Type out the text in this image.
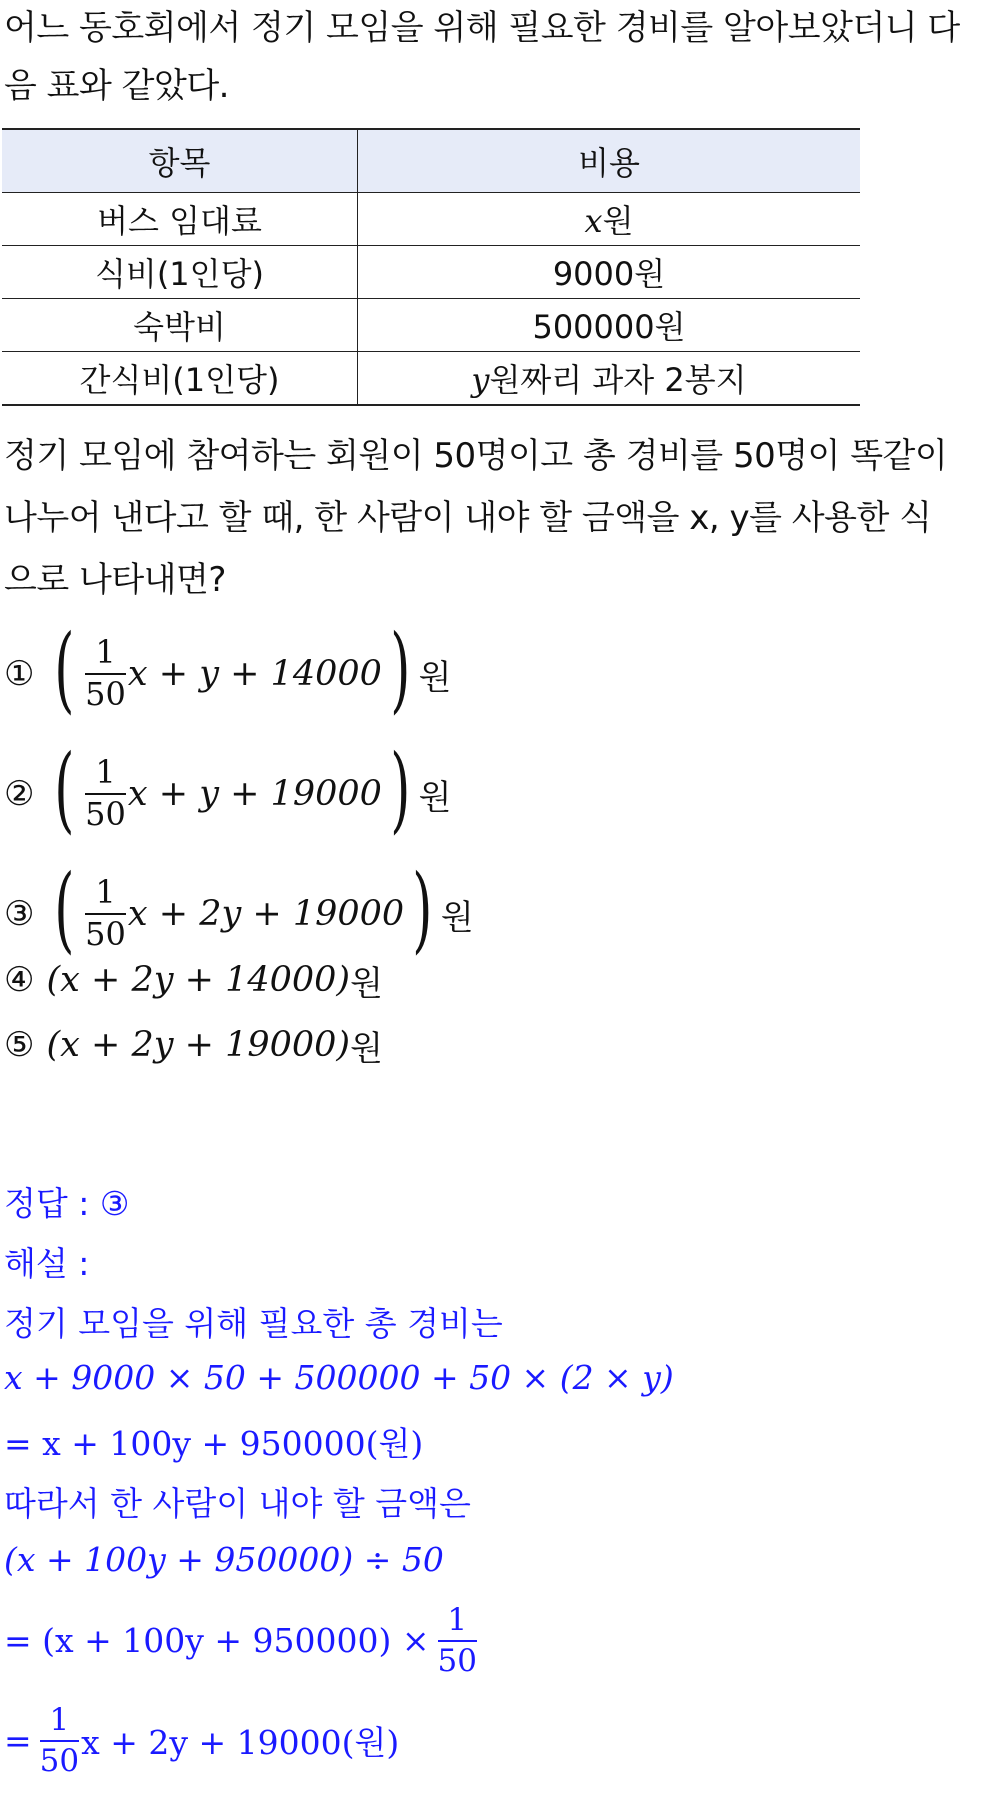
어느 동호회에서 정기 모임을 위해 필요한 경비를 알아보았더니 다
음 표와 같았다.
항목	비용
버스 임대료	x원
식비(1인당)	9000원
숙박비	500000원
간식비(1인당)	y원짜리 과자 2봉지
정기 모임에 참여하는 회원이 50명이고 총 경비를 50명이 똑같이
나누어 낸다고 할 때, 한 사람이 내야 할 금액을 x, y를 사용한 식
으로 나타내면?
① ( $\frac{1}{50}$ x + y + 14000 ) 원
② ( $\frac{1}{50}$ x + y + 19000 ) 원
③ ( $\frac{1}{50}$ x + 2y + 19000 ) 원
④ (x + 2y + 14000) 원
⑤ (x + 2y + 19000) 원
정답 : ③
해설 :
정기 모임을 위해 필요한 총 경비는
x + 9000 × 50 + 500000 + 50 × (2 × y)
= x + 100y + 950000(원)
따라서 한 사람이 내야 할 금액은
(x + 100y + 950000) ÷ 50
= $(x + 100y + 950000) \times \frac{1}{50}$
= $\frac{1}{50}$ x + 2y + 19000(원)
